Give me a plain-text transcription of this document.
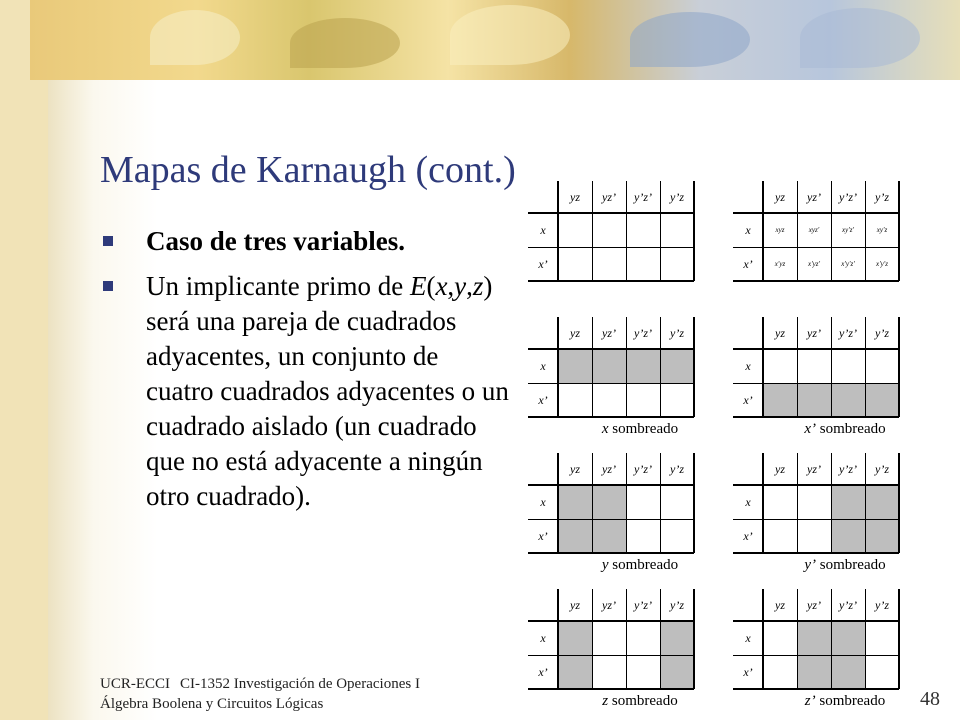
Mapas de Karnaugh (cont.)
Caso de tres variables.
Un implicante primo de E(x,y,z) será una pareja de cuadrados adyacentes, un conjunto de cuatro cuadrados adyacentes o un cuadrado aislado (un cuadrado que no está adyacente a ningún otro cuadrado).
yz	yz’	y’z’	y’z
x
x’
yz	yz’	y’z’	y’z
x
x’
xyz	xyz'	xy'z'	xy'z
x'yz	x'yz'	x'y'z'	x'y'z
yz	yz’	y’z’	y’z
x
x’
x sombreado
yz	yz’	y’z’	y’z
x
x’
x’ sombreado
yz	yz’	y’z’	y’z
x
x’
y sombreado
yz	yz’	y’z’	y’z
x
x’
y’ sombreado
yz	yz’	y’z’	y’z
x
x’
z sombreado
yz	yz’	y’z’	y’z
x
x’
z’ sombreado
UCR-ECCI CI-1352 Investigación de Operaciones I
Álgebra Boolena y Circuitos Lógicas	48
